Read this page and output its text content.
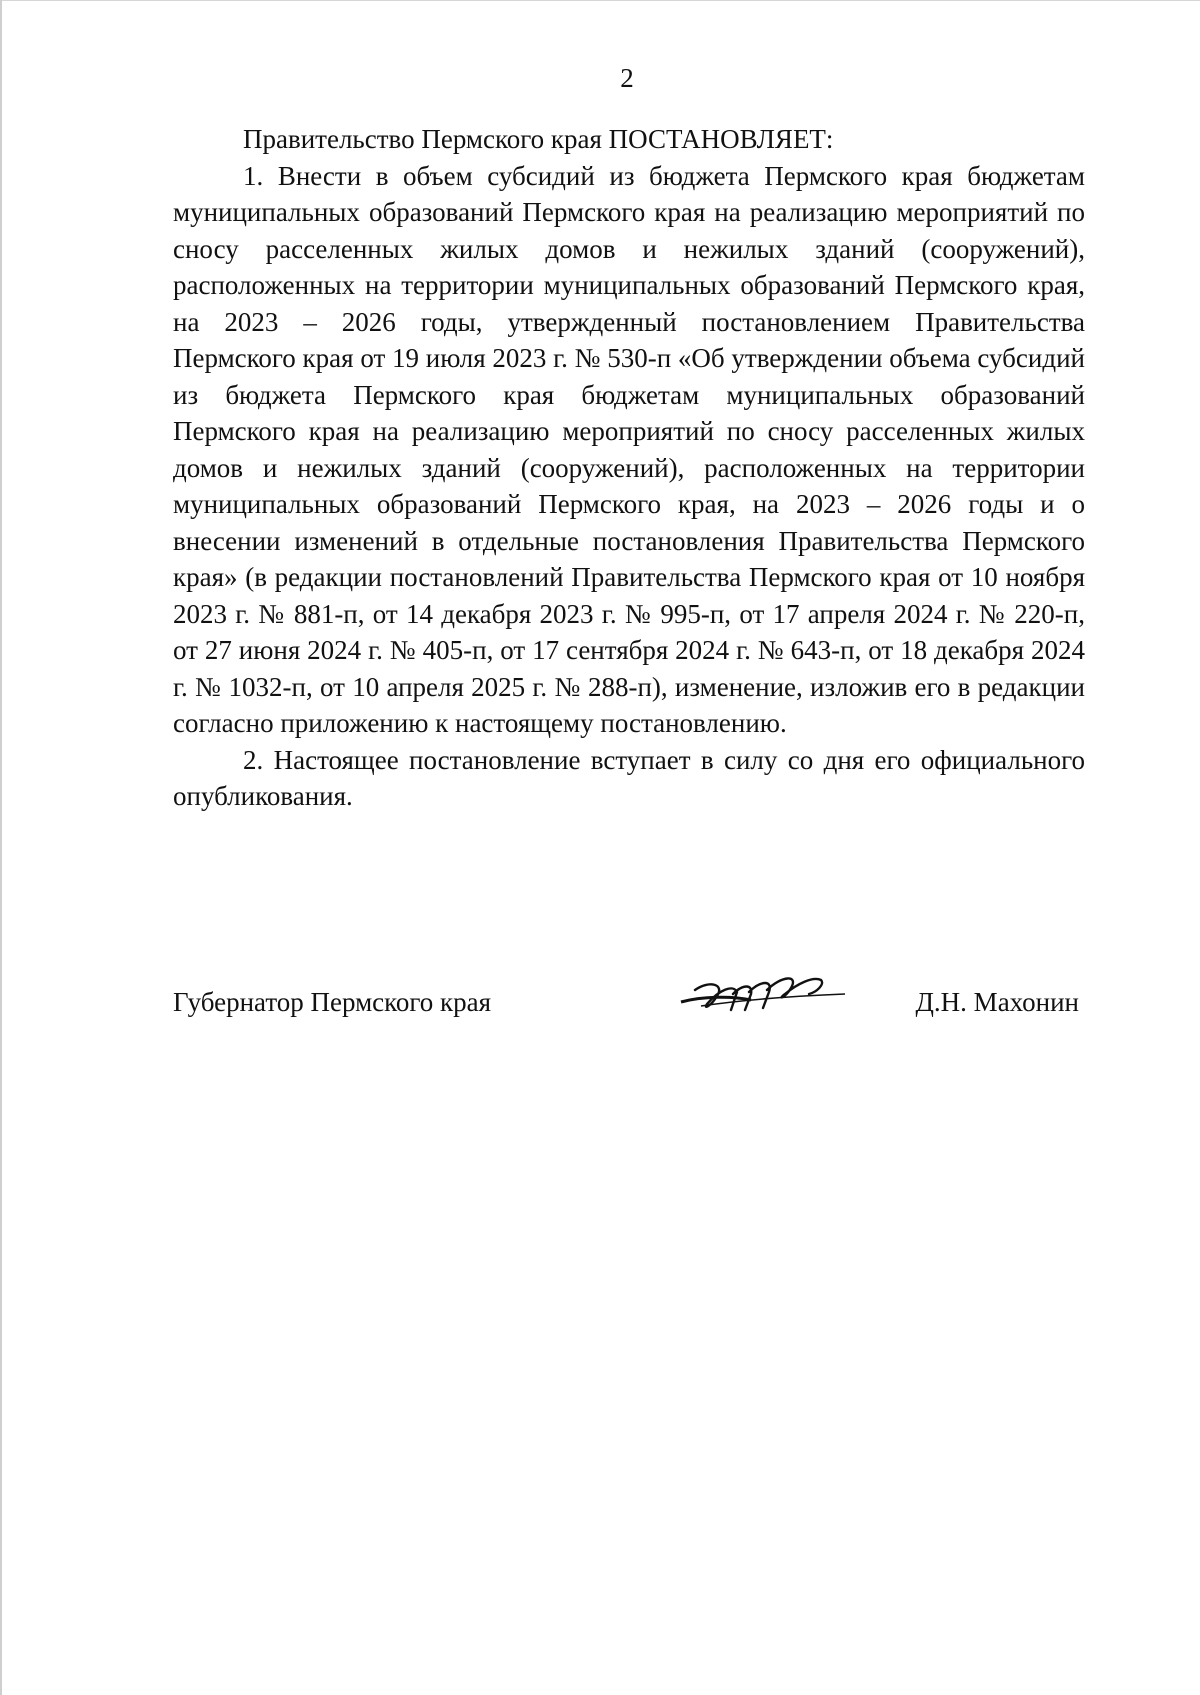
2

Правительство Пермского края ПОСТАНОВЛЯЕТ:

1. Внести в объем субсидий из бюджета Пермского края бюджетам муниципальных образований Пермского края на реализацию мероприятий по сносу расселенных жилых домов и нежилых зданий (сооружений), расположенных на территории муниципальных образований Пермского края, на 2023 – 2026 годы, утвержденный постановлением Правительства Пермского края от 19 июля 2023 г. № 530-п «Об утверждении объема субсидий из бюджета Пермского края бюджетам муниципальных образований Пермского края на реализацию мероприятий по сносу расселенных жилых домов и нежилых зданий (сооружений), расположенных на территории муниципальных образований Пермского края, на 2023 – 2026 годы и о внесении изменений в отдельные постановления Правительства Пермского края» (в редакции постановлений Правительства Пермского края от 10 ноября 2023 г. № 881-п, от 14 декабря 2023 г. № 995-п, от 17 апреля 2024 г. № 220-п, от 27 июня 2024 г. № 405-п, от 17 сентября 2024 г. № 643-п, от 18 декабря 2024 г. № 1032-п, от 10 апреля 2025 г. № 288-п), изменение, изложив его в редакции согласно приложению к настоящему постановлению.

2. Настоящее постановление вступает в силу со дня его официального опубликования.

Губернатор Пермского края	Д.Н. Махонин
